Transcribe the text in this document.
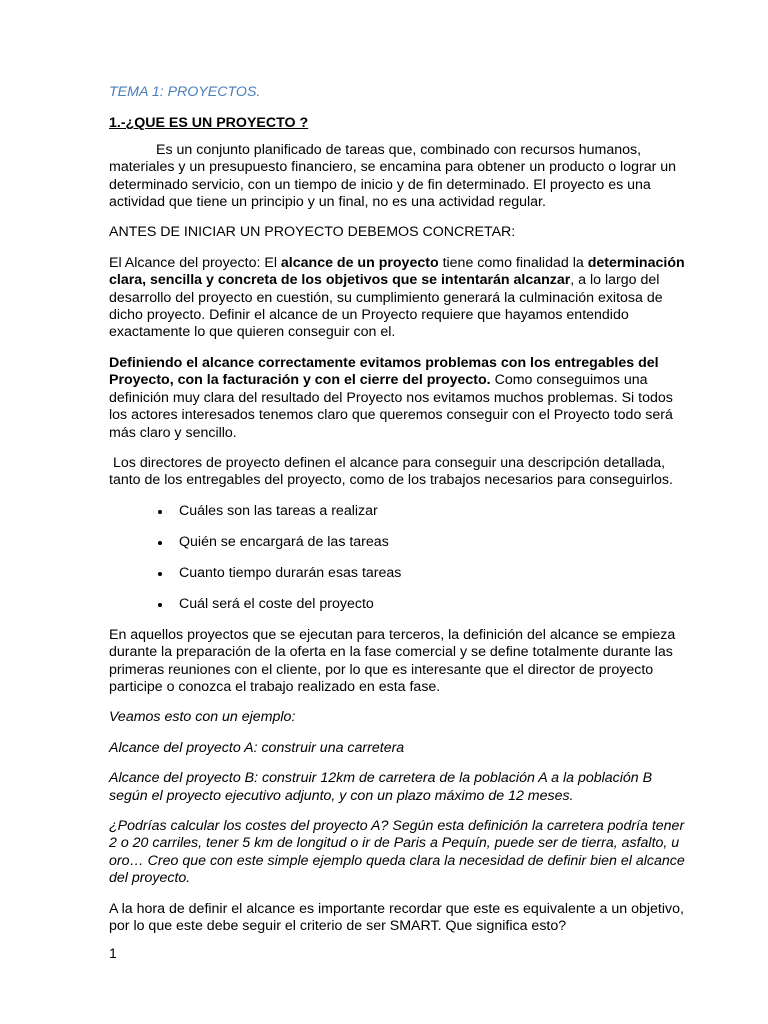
TEMA 1: PROYECTOS.
1.-¿QUE ES UN PROYECTO ?

Es un conjunto planificado de tareas que, combinado con recursos humanos, materiales y un presupuesto financiero, se encamina para obtener un producto o lograr un determinado servicio, con un tiempo de inicio y de fin determinado. El proyecto es una actividad que tiene un principio y un final, no es una actividad regular.

ANTES DE INICIAR UN PROYECTO DEBEMOS CONCRETAR:

El Alcance del proyecto: El alcance de un proyecto tiene como finalidad la determinación clara, sencilla y concreta de los objetivos que se intentarán alcanzar, a lo largo del desarrollo del proyecto en cuestión, su cumplimiento generará la culminación exitosa de dicho proyecto. Definir el alcance de un Proyecto requiere que hayamos entendido exactamente lo que quieren conseguir con el.

Definiendo el alcance correctamente evitamos problemas con los entregables del Proyecto, con la facturación y con el cierre del proyecto. Como conseguimos una definición muy clara del resultado del Proyecto nos evitamos muchos problemas. Si todos los actores interesados tenemos claro que queremos conseguir con el Proyecto todo será más claro y sencillo.

Los directores de proyecto definen el alcance para conseguir una descripción detallada, tanto de los entregables del proyecto, como de los trabajos necesarios para conseguirlos.

Cuáles son las tareas a realizar
Quién se encargará de las tareas
Cuanto tiempo durarán esas tareas
Cuál será el coste del proyecto

En aquellos proyectos que se ejecutan para terceros, la definición del alcance se empieza durante la preparación de la oferta en la fase comercial y se define totalmente durante las primeras reuniones con el cliente, por lo que es interesante que el director de proyecto participe o conozca el trabajo realizado en esta fase.

Veamos esto con un ejemplo:

Alcance del proyecto A: construir una carretera

Alcance del proyecto B: construir 12km de carretera de la población A a la población B según el proyecto ejecutivo adjunto, y con un plazo máximo de 12 meses.

¿Podrías calcular los costes del proyecto A? Según esta definición la carretera podría tener 2 o 20 carriles, tener 5 km de longitud o ir de Paris a Pequín, puede ser de tierra, asfalto, u oro… Creo que con este simple ejemplo queda clara la necesidad de definir bien el alcance del proyecto.

A la hora de definir el alcance es importante recordar que este es equivalente a un objetivo, por lo que este debe seguir el criterio de ser SMART. Que significa esto?

1
